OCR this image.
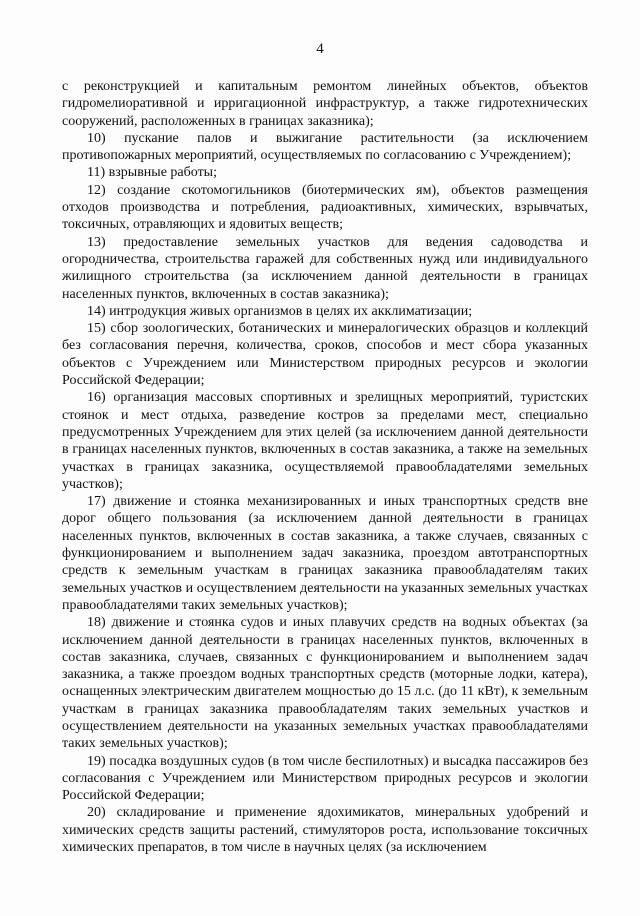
4

с реконструкцией и капитальным ремонтом линейных объектов, объектов гидромелиоративной и ирригационной инфраструктур, а также гидротехнических сооружений, расположенных в границах заказника);

10) пускание палов и выжигание растительности (за исключением противопожарных мероприятий, осуществляемых по согласованию с Учреждением);

11) взрывные работы;

12) создание скотомогильников (биотермических ям), объектов размещения отходов производства и потребления, радиоактивных, химических, взрывчатых, токсичных, отравляющих и ядовитых веществ;

13) предоставление земельных участков для ведения садоводства и огородничества, строительства гаражей для собственных нужд или индивидуального жилищного строительства (за исключением данной деятельности в границах населенных пунктов, включенных в состав заказника);

14) интродукция живых организмов в целях их акклиматизации;

15) сбор зоологических, ботанических и минералогических образцов и коллекций без согласования перечня, количества, сроков, способов и мест сбора указанных объектов с Учреждением или Министерством природных ресурсов и экологии Российской Федерации;

16) организация массовых спортивных и зрелищных мероприятий, туристских стоянок и мест отдыха, разведение костров за пределами мест, специально предусмотренных Учреждением для этих целей (за исключением данной деятельности в границах населенных пунктов, включенных в состав заказника, а также на земельных участках в границах заказника, осуществляемой правообладателями земельных участков);

17) движение и стоянка механизированных и иных транспортных средств вне дорог общего пользования (за исключением данной деятельности в границах населенных пунктов, включенных в состав заказника, а также случаев, связанных с функционированием и выполнением задач заказника, проездом автотранспортных средств к земельным участкам в границах заказника правообладателям таких земельных участков и осуществлением деятельности на указанных земельных участках правообладателями таких земельных участков);

18) движение и стоянка судов и иных плавучих средств на водных объектах (за исключением данной деятельности в границах населенных пунктов, включенных в состав заказника, случаев, связанных с функционированием и выполнением задач заказника, а также проездом водных транспортных средств (моторные лодки, катера), оснащенных электрическим двигателем мощностью до 15 л.с. (до 11 кВт), к земельным участкам в границах заказника правообладателям таких земельных участков и осуществлением деятельности на указанных земельных участках правообладателями таких земельных участков);

19) посадка воздушных судов (в том числе беспилотных) и высадка пассажиров без согласования с Учреждением или Министерством природных ресурсов и экологии Российской Федерации;

20) складирование и применение ядохимикатов, минеральных удобрений и химических средств защиты растений, стимуляторов роста, использование токсичных химических препаратов, в том числе в научных целях (за исключением
